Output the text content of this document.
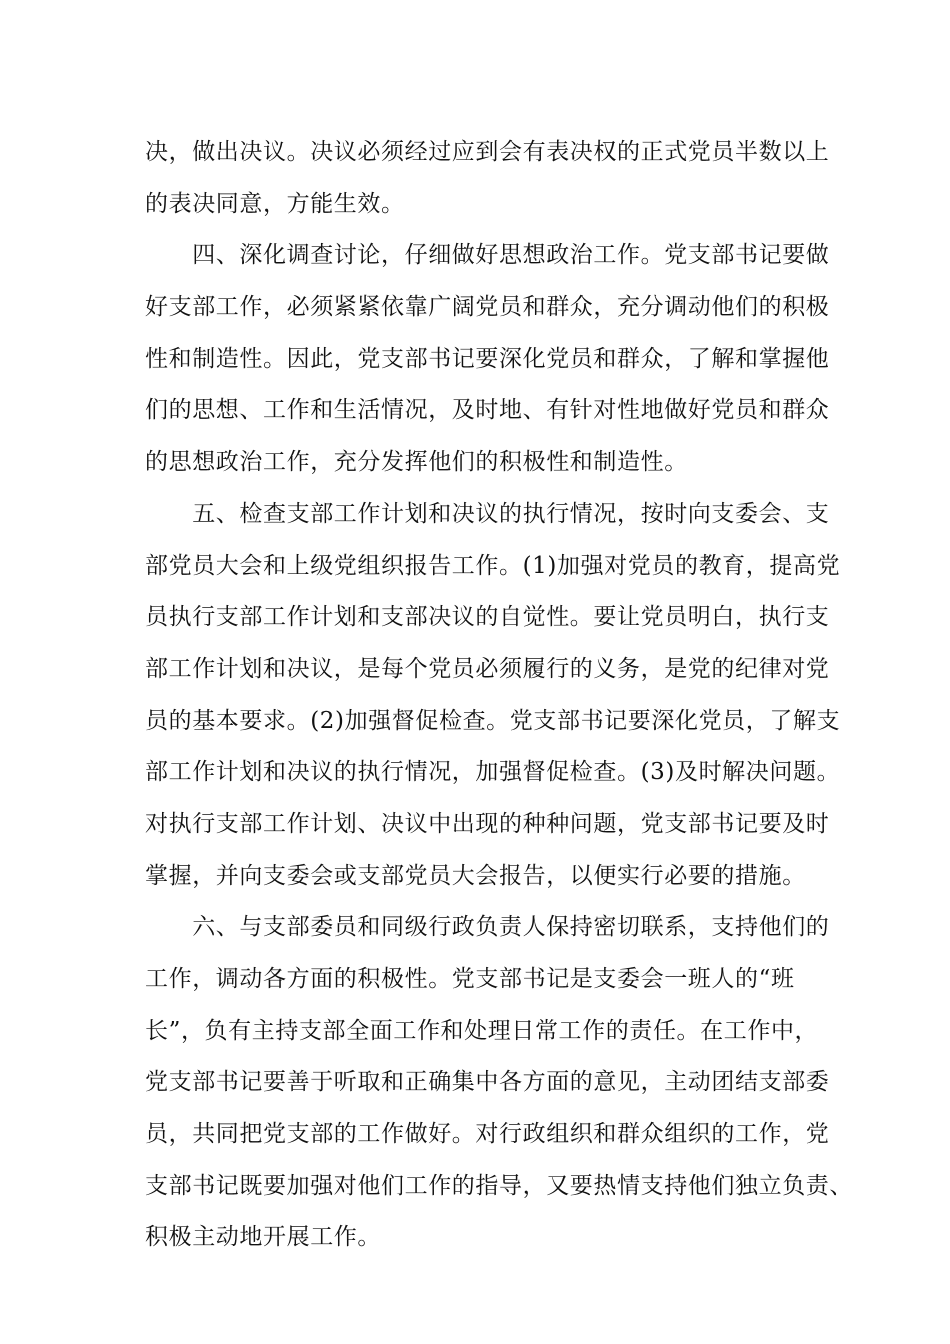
决，做出决议。决议必须经过应到会有表决权的正式党员半数以上
的表决同意，方能生效。
　　四、深化调查讨论，仔细做好思想政治工作。党支部书记要做
好支部工作，必须紧紧依靠广阔党员和群众，充分调动他们的积极
性和制造性。因此，党支部书记要深化党员和群众，了解和掌握他
们的思想、工作和生活情况，及时地、有针对性地做好党员和群众
的思想政治工作，充分发挥他们的积极性和制造性。
　　五、检查支部工作计划和决议的执行情况，按时向支委会、支
部党员大会和上级党组织报告工作。(1)加强对党员的教育，提高党
员执行支部工作计划和支部决议的自觉性。要让党员明白，执行支
部工作计划和决议，是每个党员必须履行的义务，是党的纪律对党
员的基本要求。(2)加强督促检查。党支部书记要深化党员，了解支
部工作计划和决议的执行情况，加强督促检查。(3)及时解决问题。
对执行支部工作计划、决议中出现的种种问题，党支部书记要及时
掌握，并向支委会或支部党员大会报告，以便实行必要的措施。
　　六、与支部委员和同级行政负责人保持密切联系，支持他们的
工作，调动各方面的积极性。党支部书记是支委会一班人的“班
长”，负有主持支部全面工作和处理日常工作的责任。在工作中，
党支部书记要善于听取和正确集中各方面的意见，主动团结支部委
员，共同把党支部的工作做好。对行政组织和群众组织的工作，党
支部书记既要加强对他们工作的指导，又要热情支持他们独立负责、
积极主动地开展工作。
